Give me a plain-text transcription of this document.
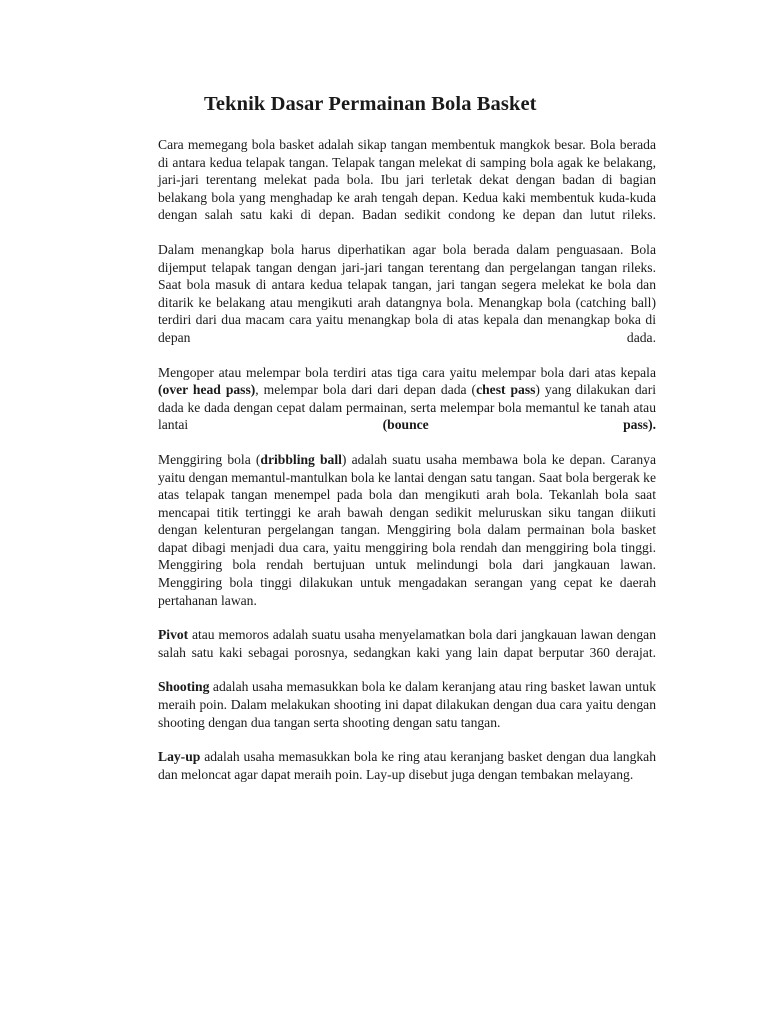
Teknik Dasar Permainan Bola Basket

Cara memegang bola basket adalah sikap tangan membentuk mangkok besar. Bola berada di antara kedua telapak tangan. Telapak tangan melekat di samping bola agak ke belakang, jari-jari terentang melekat pada bola. Ibu jari terletak dekat dengan badan di bagian belakang bola yang menghadap ke arah tengah depan. Kedua kaki membentuk kuda-kuda dengan salah satu kaki di depan. Badan sedikit condong ke depan dan lutut rileks.

Dalam menangkap bola harus diperhatikan agar bola berada dalam penguasaan. Bola dijemput telapak tangan dengan jari-jari tangan terentang dan pergelangan tangan rileks. Saat bola masuk di antara kedua telapak tangan, jari tangan segera melekat ke bola dan ditarik ke belakang atau mengikuti arah datangnya bola. Menangkap bola (catching ball) terdiri dari dua macam cara yaitu menangkap bola di atas kepala dan menangkap boka di depan dada.

Mengoper atau melempar bola terdiri atas tiga cara yaitu melempar bola dari atas kepala (over head pass), melempar bola dari dari depan dada (chest pass) yang dilakukan dari dada ke dada dengan cepat dalam permainan, serta melempar bola memantul ke tanah atau lantai (bounce pass).

Menggiring bola (dribbling ball) adalah suatu usaha membawa bola ke depan. Caranya yaitu dengan memantul-mantulkan bola ke lantai dengan satu tangan. Saat bola bergerak ke atas telapak tangan menempel pada bola dan mengikuti arah bola. Tekanlah bola saat mencapai titik tertinggi ke arah bawah dengan sedikit meluruskan siku tangan diikuti dengan kelenturan pergelangan tangan. Menggiring bola dalam permainan bola basket dapat dibagi menjadi dua cara, yaitu menggiring bola rendah dan menggiring bola tinggi. Menggiring bola rendah bertujuan untuk melindungi bola dari jangkauan lawan. Menggiring bola tinggi dilakukan untuk mengadakan serangan yang cepat ke daerah pertahanan lawan.

Pivot atau memoros adalah suatu usaha menyelamatkan bola dari jangkauan lawan dengan salah satu kaki sebagai porosnya, sedangkan kaki yang lain dapat berputar 360 derajat.

Shooting adalah usaha memasukkan bola ke dalam keranjang atau ring basket lawan untuk meraih poin. Dalam melakukan shooting ini dapat dilakukan dengan dua cara yaitu dengan shooting dengan dua tangan serta shooting dengan satu tangan.

Lay-up adalah usaha memasukkan bola ke ring atau keranjang basket dengan dua langkah dan meloncat agar dapat meraih poin. Lay-up disebut juga dengan tembakan melayang.
